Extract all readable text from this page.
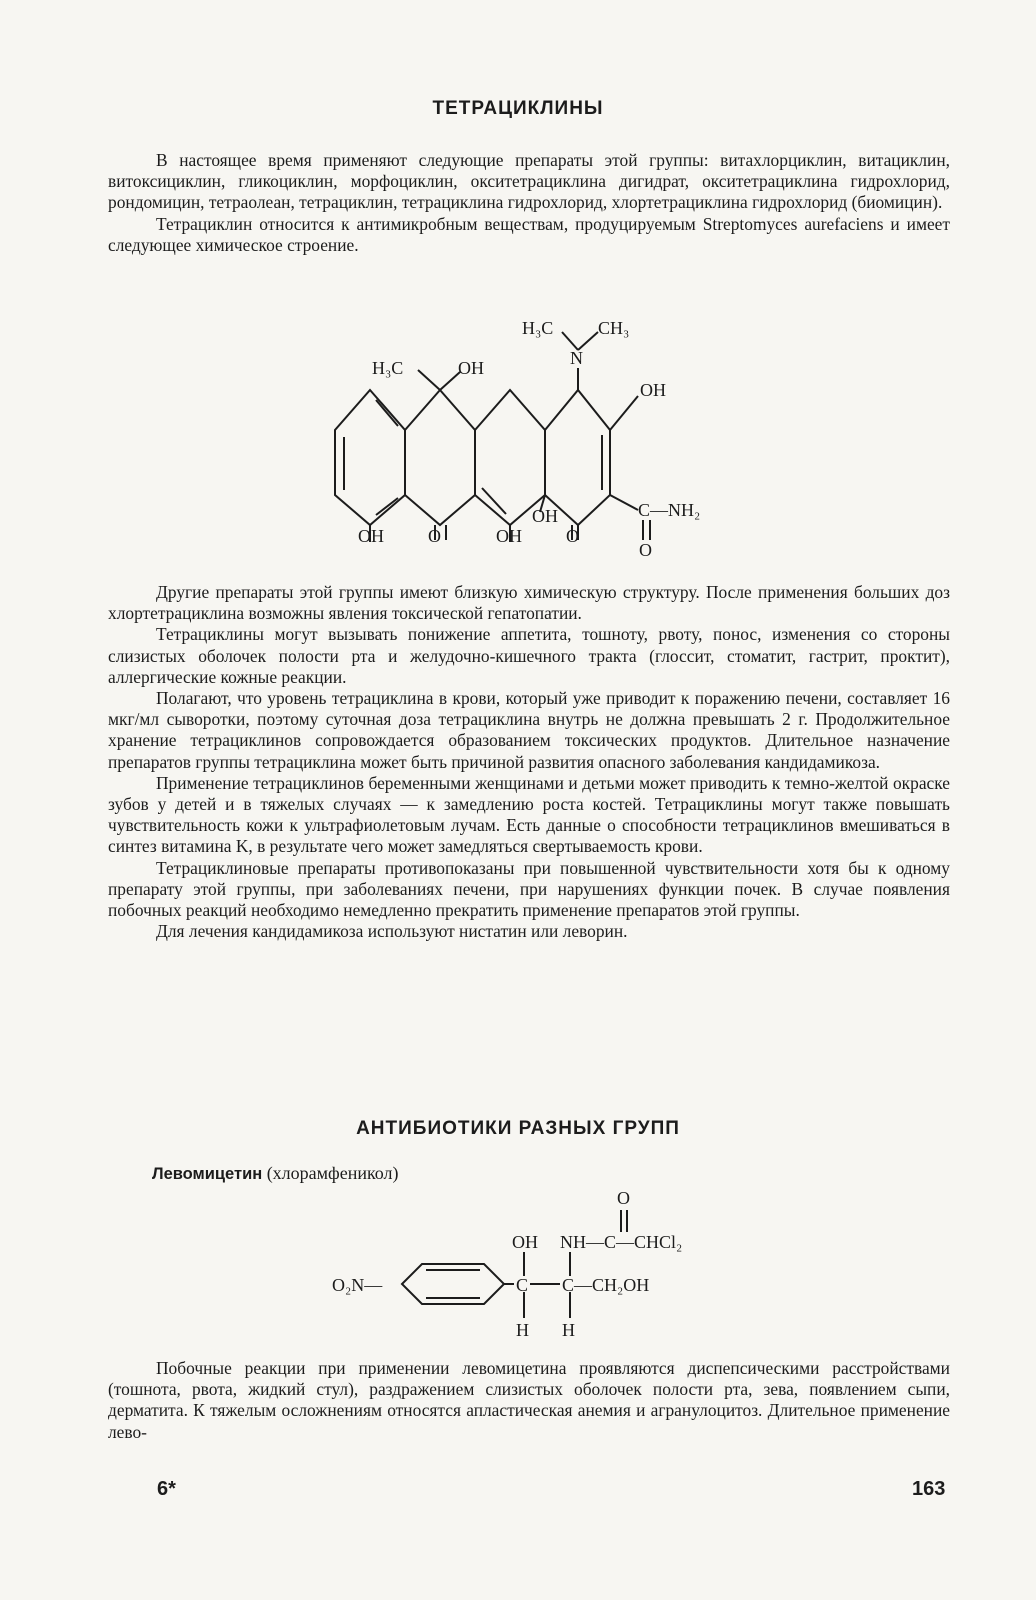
ТЕТРАЦИКЛИНЫ

В настоящее время применяют следующие препараты этой группы: витахлорциклин, витациклин, витоксициклин, гликоциклин, морфоциклин, окситетрациклина дигидрат, окситетрациклина гидрохлорид, рондомицин, тетраолеан, тетрациклин, тетрациклина гидрохлорид, хлортетрациклина гидрохлорид (биомицин).

Тетрациклин относится к антимикробным веществам, продуцируемым Streptomyces aurefaciens и имеет следующее химическое строение.

H₃C CH₃
N
H₃C	OH
OH
C—NH₂
O
OH O	OH
OH
O

Другие препараты этой группы имеют близкую химическую структуру. После применения больших доз хлортетрациклина возможны явления токсической гепатопатии.

Тетрациклины могут вызывать понижение аппетита, тошноту, рвоту, понос, изменения со стороны слизистых оболочек полости рта и желудочно-кишечного тракта (глоссит, стоматит, гастрит, проктит), аллергические кожные реакции.

Полагают, что уровень тетрациклина в крови, который уже приводит к поражению печени, составляет 16 мкг/мл сыворотки, поэтому суточная доза тетрациклина внутрь не должна превышать 2 г. Продолжительное хранение тетрациклинов сопровождается образованием токсических продуктов. Длительное назначение препаратов группы тетрациклина может быть причиной развития опасного заболевания кандидамикоза.

Применение тетрациклинов беременными женщинами и детьми может приводить к темно-желтой окраске зубов у детей и в тяжелых случаях — к замедлению роста костей. Тетрациклины могут также повышать чувствительность кожи к ультрафиолетовым лучам. Есть данные о способности тетрациклинов вмешиваться в синтез витамина K, в результате чего может замедляться свертываемость крови.

Тетрациклиновые препараты противопоказаны при повышенной чувствительности хотя бы к одному препарату этой группы, при заболеваниях печени, при нарушениях функции почек. В случае появления побочных реакций необходимо немедленно прекратить применение препаратов этой группы.

Для лечения кандидамикоза используют нистатин или леворин.

АНТИБИОТИКИ РАЗНЫХ ГРУПП
Левомицетин (хлорамфеникол)
O₂N—
O
OH NH—C—CHCl₂
C C—CH₂OH
H H

Побочные реакции при применении левомицетина проявляются диспепсическими расстройствами (тошнота, рвота, жидкий стул), раздражением слизистых оболочек полости рта, зева, появлением сыпи, дерматита. К тяжелым осложнениям относятся апластическая анемия и агранулоцитоз. Длительное применение лево-

6*	163
